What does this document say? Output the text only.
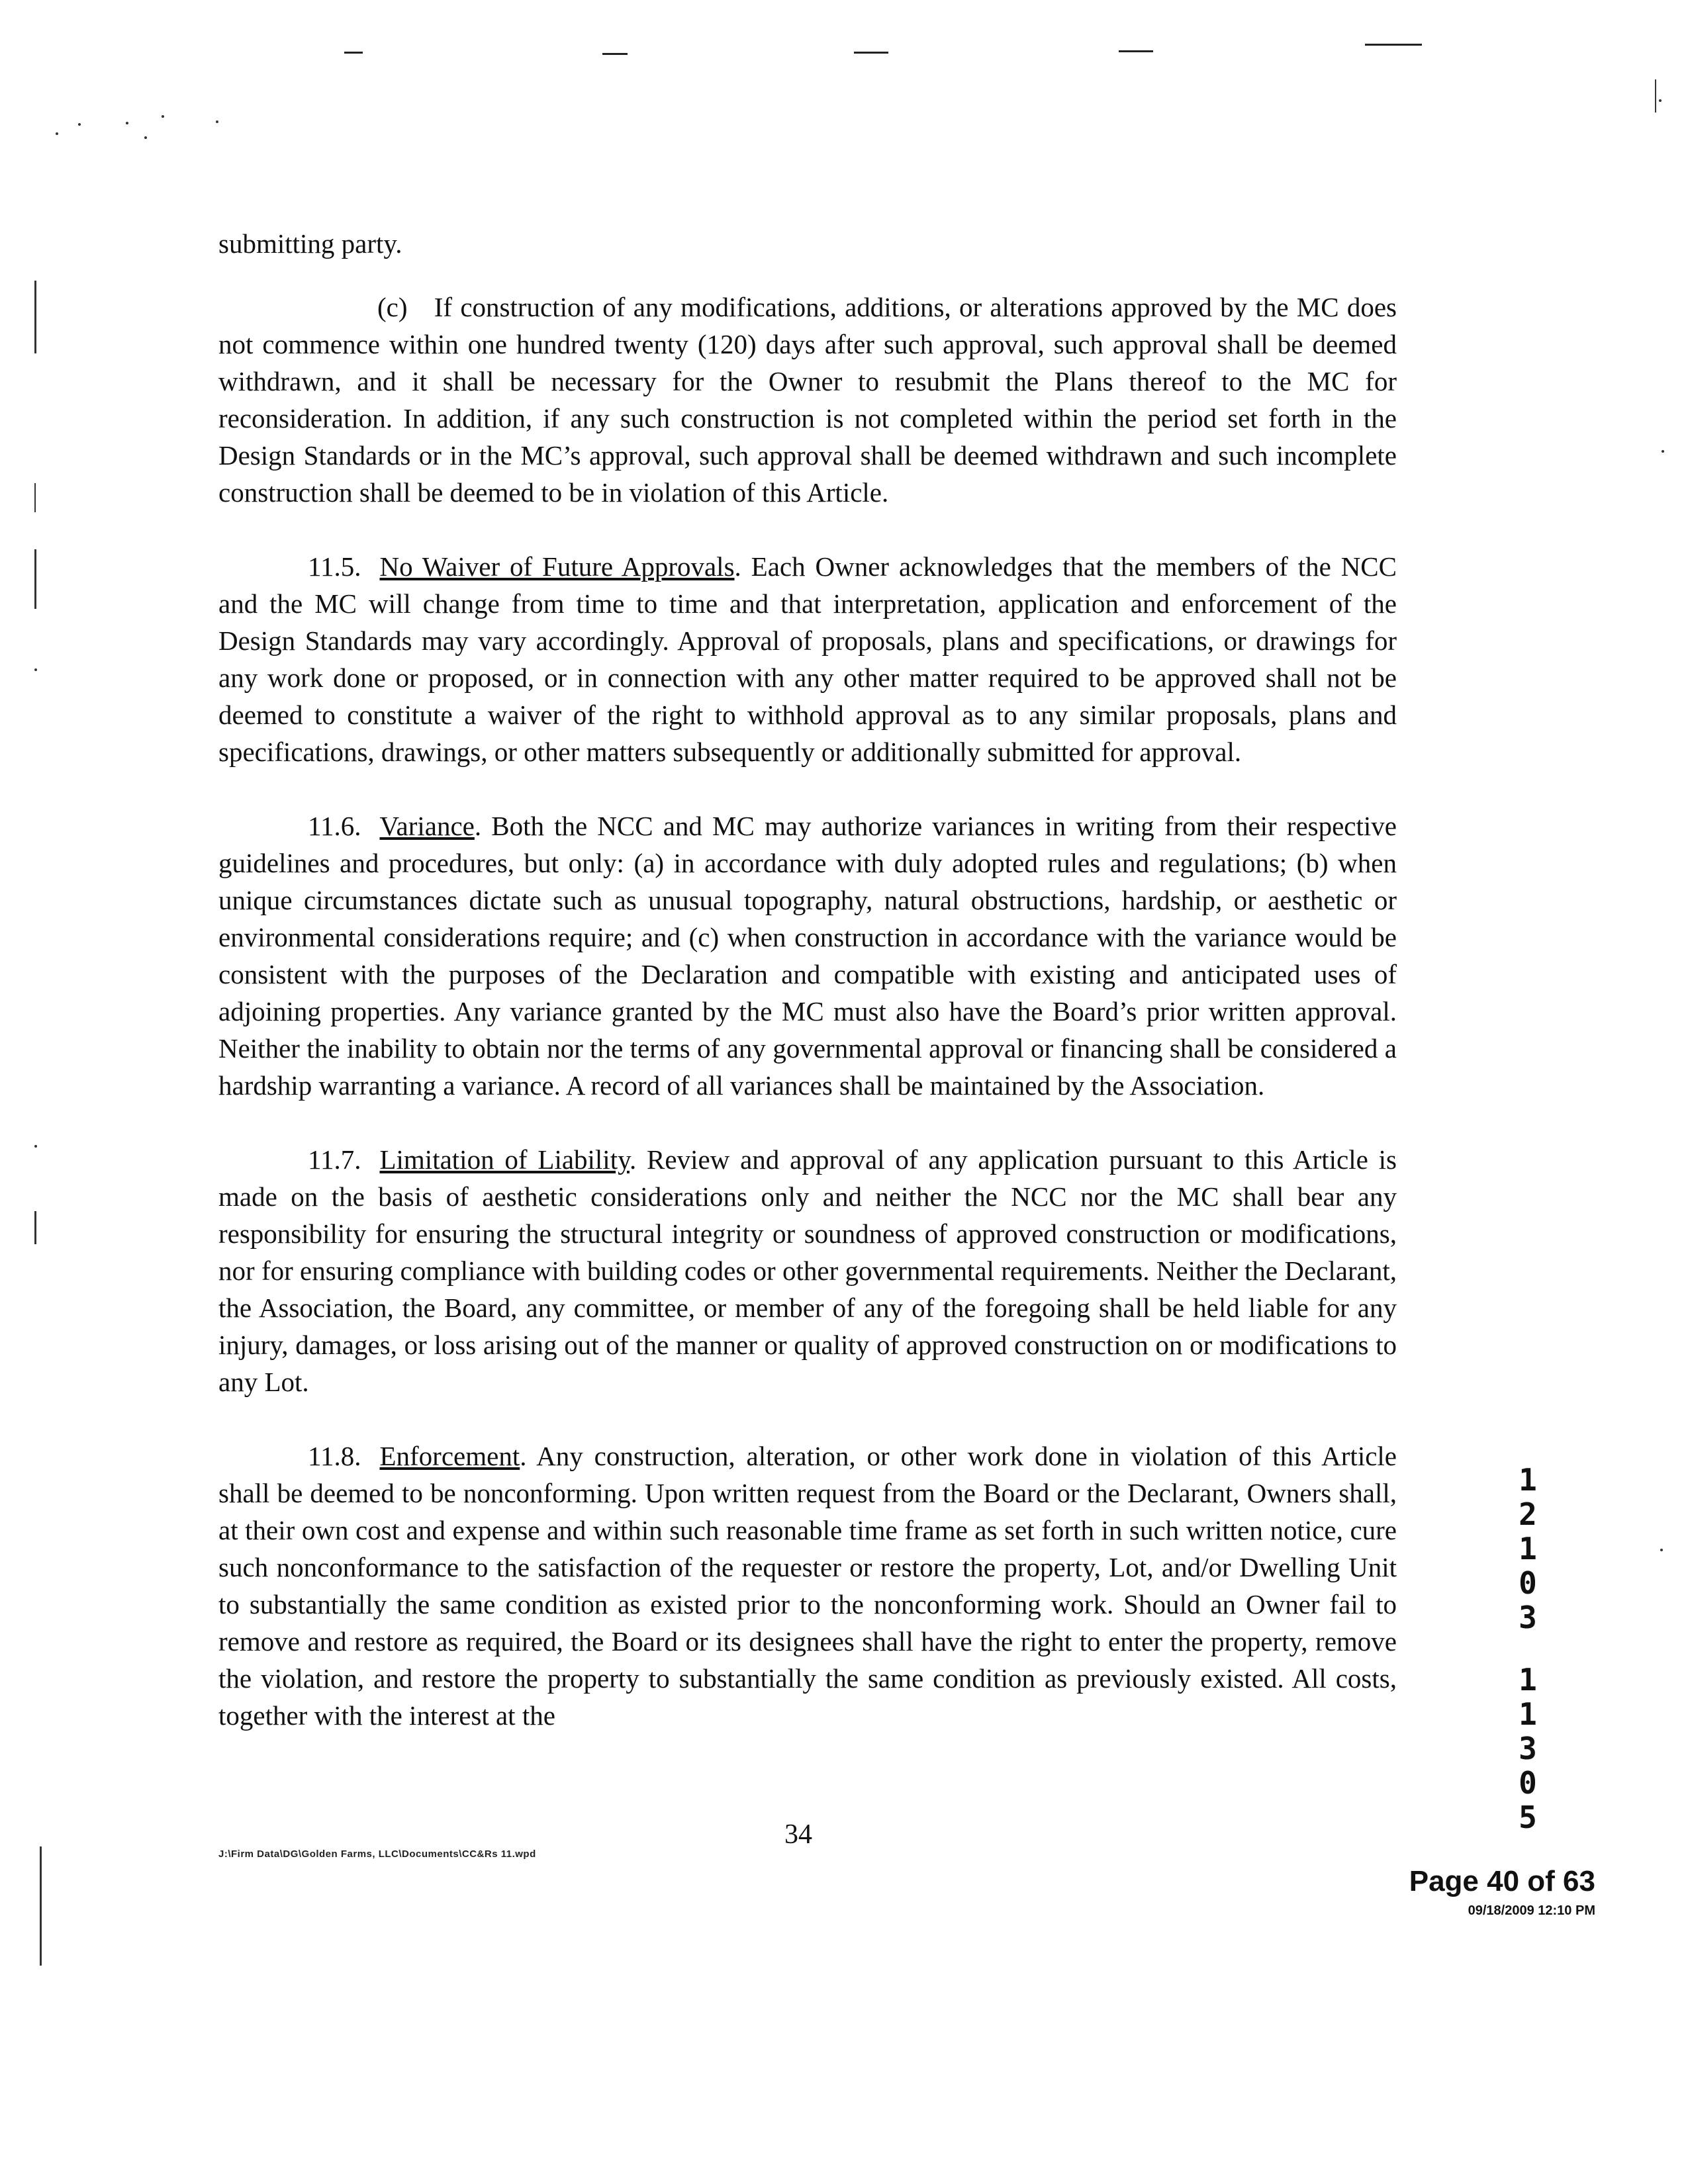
submitting party.

(c) If construction of any modifications, additions, or alterations approved by the MC does not commence within one hundred twenty (120) days after such approval, such approval shall be deemed withdrawn, and it shall be necessary for the Owner to resubmit the Plans thereof to the MC for reconsideration. In addition, if any such construction is not completed within the period set forth in the Design Standards or in the MC’s approval, such approval shall be deemed withdrawn and such incomplete construction shall be deemed to be in violation of this Article.

11.5. No Waiver of Future Approvals. Each Owner acknowledges that the members of the NCC and the MC will change from time to time and that interpretation, application and enforcement of the Design Standards may vary accordingly. Approval of proposals, plans and specifications, or drawings for any work done or proposed, or in connection with any other matter required to be approved shall not be deemed to constitute a waiver of the right to withhold approval as to any similar proposals, plans and specifications, drawings, or other matters subsequently or additionally submitted for approval.

11.6. Variance. Both the NCC and MC may authorize variances in writing from their respective guidelines and procedures, but only: (a) in accordance with duly adopted rules and regulations; (b) when unique circumstances dictate such as unusual topography, natural obstructions, hardship, or aesthetic or environmental considerations require; and (c) when construction in accordance with the variance would be consistent with the purposes of the Declaration and compatible with existing and anticipated uses of adjoining properties. Any variance granted by the MC must also have the Board’s prior written approval. Neither the inability to obtain nor the terms of any governmental approval or financing shall be considered a hardship warranting a variance. A record of all variances shall be maintained by the Association.

11.7. Limitation of Liability. Review and approval of any application pursuant to this Article is made on the basis of aesthetic considerations only and neither the NCC nor the MC shall bear any responsibility for ensuring the structural integrity or soundness of approved construction or modifications, nor for ensuring compliance with building codes or other governmental requirements. Neither the Declarant, the Association, the Board, any committee, or member of any of the foregoing shall be held liable for any injury, damages, or loss arising out of the manner or quality of approved construction on or modifications to any Lot.

11.8. Enforcement. Any construction, alteration, or other work done in violation of this Article shall be deemed to be nonconforming. Upon written request from the Board or the Declarant, Owners shall, at their own cost and expense and within such reasonable time frame as set forth in such written notice, cure such nonconformance to the satisfaction of the requester or restore the property, Lot, and/or Dwelling Unit to substantially the same condition as existed prior to the nonconforming work. Should an Owner fail to remove and restore as required, the Board or its designees shall have the right to enter the property, remove the violation, and restore the property to substantially the same condition as previously existed. All costs, together with the interest at the

1
2
1
0
3
1
1
3
0
5
34
J:\Firm Data\DG\Golden Farms, LLC\Documents\CC&Rs 11.wpd
Page 40 of 63
09/18/2009 12:10 PM
